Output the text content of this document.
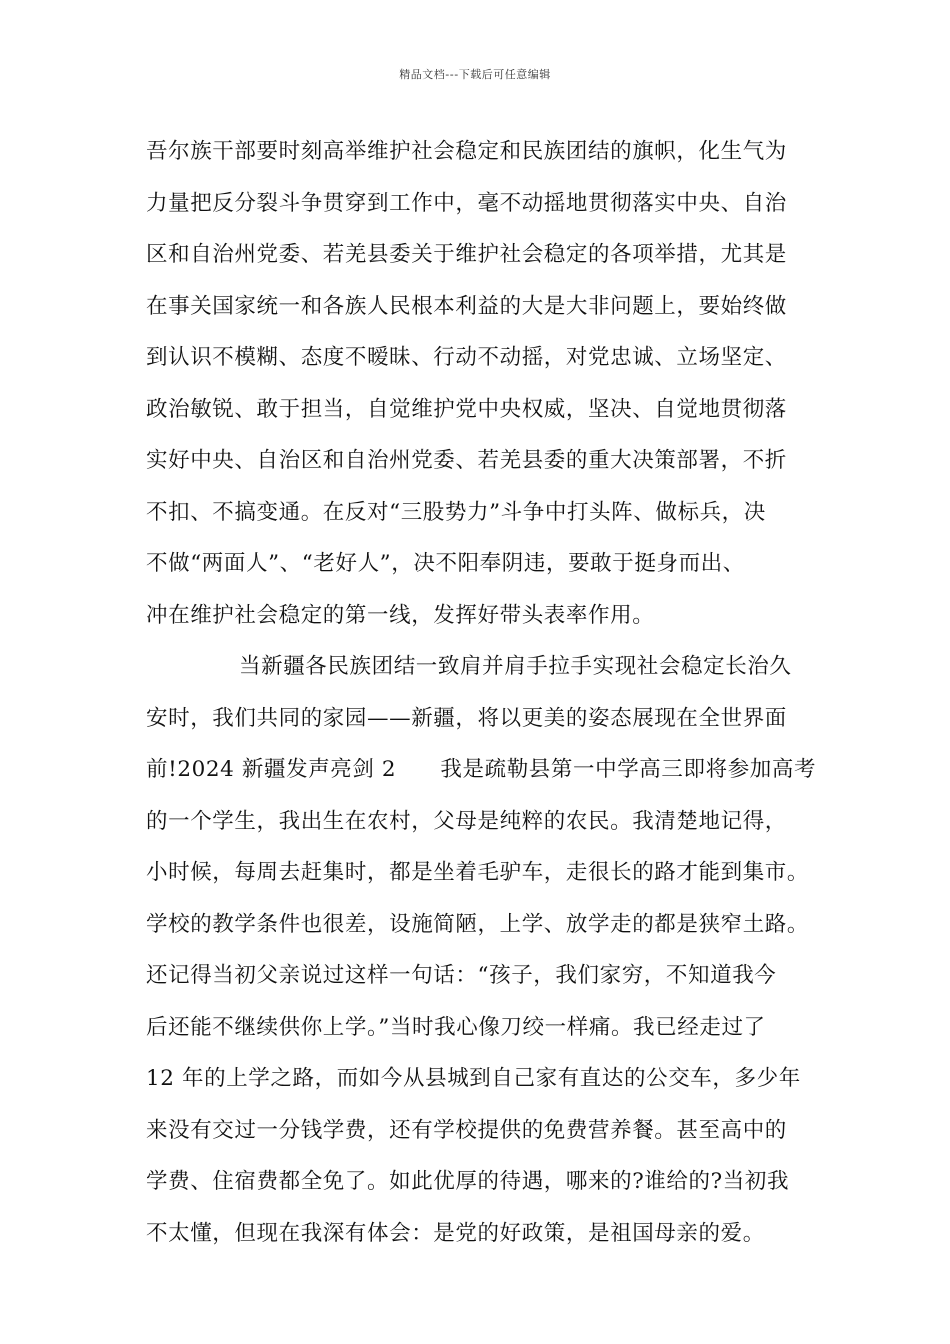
精品文档---下载后可任意编辑
吾尔族干部要时刻高举维护社会稳定和民族团结的旗帜，化生气为
力量把反分裂斗争贯穿到工作中，毫不动摇地贯彻落实中央、自治
区和自治州党委、若羌县委关于维护社会稳定的各项举措，尤其是
在事关国家统一和各族人民根本利益的大是大非问题上，要始终做
到认识不模糊、态度不暧昧、行动不动摇，对党忠诚、立场坚定、
政治敏锐、敢于担当，自觉维护党中央权威，坚决、自觉地贯彻落
实好中央、自治区和自治州党委、若羌县委的重大决策部署，不折
不扣、不搞变通。在反对“三股势力”斗争中打头阵、做标兵，决
不做“两面人”、“老好人”，决不阳奉阴违，要敢于挺身而出、
冲在维护社会稳定的第一线，发挥好带头表率作用。
当新疆各民族团结一致肩并肩手拉手实现社会稳定长治久
安时，我们共同的家园——新疆，将以更美的姿态展现在全世界面
前!2024 新疆发声亮剑 2　　我是疏勒县第一中学高三即将参加高考
的一个学生，我出生在农村，父母是纯粹的农民。我清楚地记得，
小时候，每周去赶集时，都是坐着毛驴车，走很长的路才能到集市。
学校的教学条件也很差，设施简陋，上学、放学走的都是狭窄土路。
还记得当初父亲说过这样一句话：“孩子，我们家穷，不知道我今
后还能不继续供你上学。”当时我心像刀绞一样痛。我已经走过了
12 年的上学之路，而如今从县城到自己家有直达的公交车，多少年
来没有交过一分钱学费，还有学校提供的免费营养餐。甚至高中的
学费、住宿费都全免了。如此优厚的待遇，哪来的?谁给的?当初我
不太懂，但现在我深有体会：是党的好政策，是祖国母亲的爱。
